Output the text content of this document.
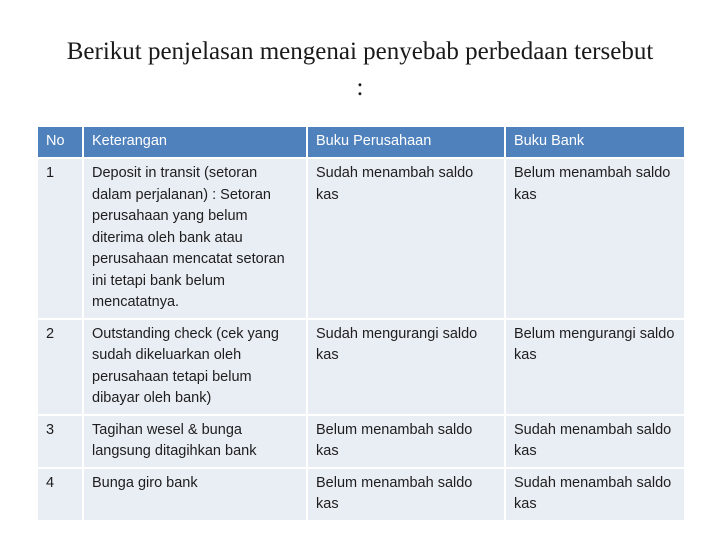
Berikut penjelasan mengenai penyebab perbedaan tersebut
:
No	Keterangan	Buku Perusahaan	Buku Bank
1	Deposit in transit (setoran dalam perjalanan) : Setoran perusahaan yang belum diterima oleh bank atau perusahaan mencatat setoran ini tetapi bank belum mencatatnya.	Sudah menambah saldo kas	Belum menambah saldo kas
2	Outstanding check (cek yang sudah dikeluarkan oleh perusahaan tetapi belum dibayar oleh bank)	Sudah mengurangi saldo kas	Belum mengurangi saldo kas
3	Tagihan wesel & bunga langsung ditagihkan bank	Belum menambah saldo kas	Sudah menambah saldo kas
4	Bunga giro bank	Belum menambah saldo kas	Sudah menambah saldo kas
